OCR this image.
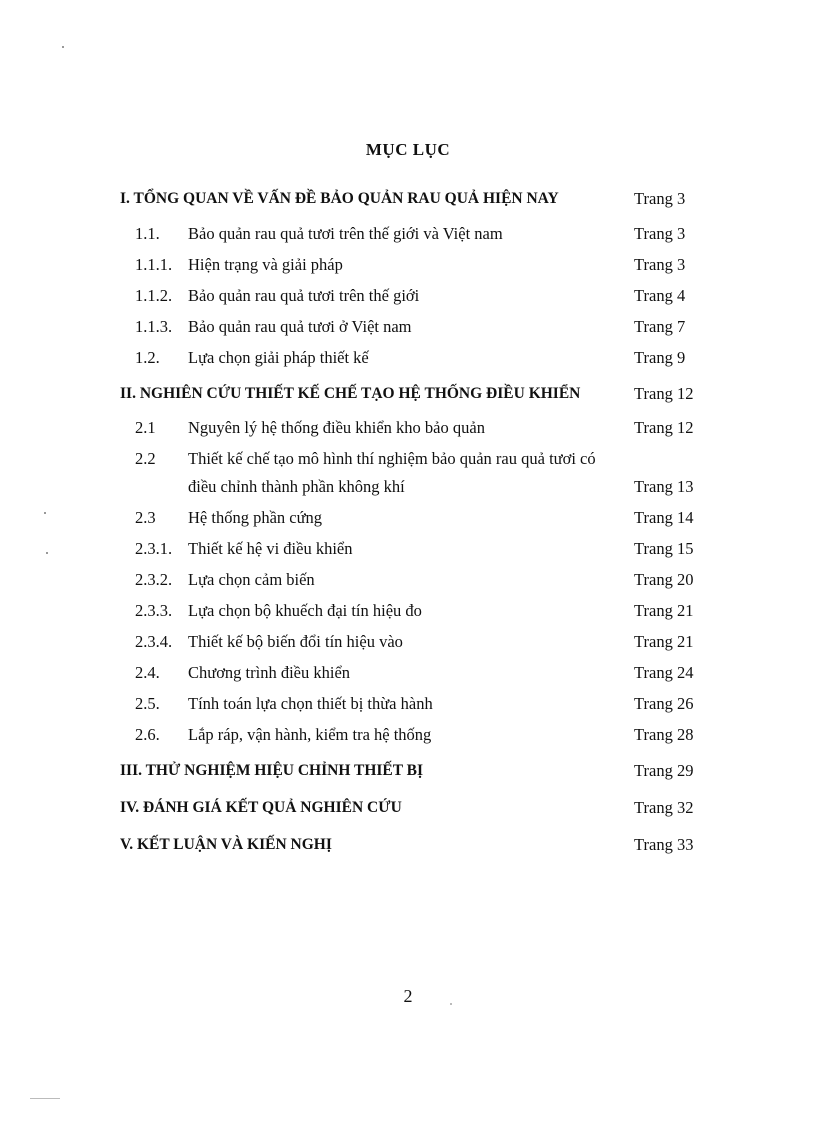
MỤC LỤC
I. TỔNG QUAN VỀ VẤN ĐỀ BẢO QUẢN RAU QUẢ HIỆN NAY	Trang 3
1.1. Bảo quản rau quả tươi trên thế giới và Việt nam	Trang 3
1.1.1. Hiện trạng và giải pháp	Trang 3
1.1.2. Bảo quản rau quả tươi trên thế giới	Trang 4
1.1.3. Bảo quản rau quả tươi ở Việt nam	Trang 7
1.2. Lựa chọn giải pháp thiết kế	Trang 9
II. NGHIÊN CỨU THIẾT KẾ CHẾ TẠO HỆ THỐNG ĐIỀU KHIỂN	Trang 12
2.1 Nguyên lý hệ thống điều khiển kho bảo quản	Trang 12
2.2 Thiết kế chế tạo mô hình thí nghiệm bảo quản rau quả tươi có
điều chỉnh thành phần không khí	Trang 13
2.3 Hệ thống phần cứng	Trang 14
2.3.1. Thiết kế hệ vi điều khiển	Trang 15
2.3.2. Lựa chọn cảm biến	Trang 20
2.3.3. Lựa chọn bộ khuếch đại tín hiệu đo	Trang 21
2.3.4. Thiết kế bộ biến đổi tín hiệu vào	Trang 21
2.4. Chương trình điều khiển	Trang 24
2.5. Tính toán lựa chọn thiết bị thừa hành	Trang 26
2.6. Lắp ráp, vận hành, kiểm tra hệ thống	Trang 28
III. THỬ NGHIỆM HIỆU CHỈNH THIẾT BỊ	Trang 29
IV. ĐÁNH GIÁ KẾT QUẢ NGHIÊN CỨU	Trang 32
V. KẾT LUẬN VÀ KIẾN NGHỊ	Trang 33
2
